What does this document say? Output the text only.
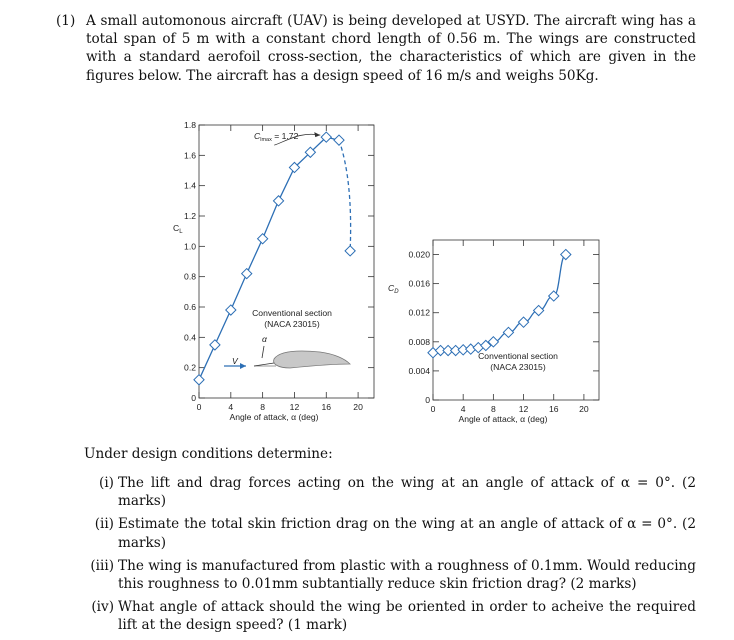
(1) A small automonous aircraft (UAV) is being developed at USYD. The aircraft wing has a total span of 5 m with a constant chord length of 0.56 m. The wings are constructed with a standard aerofoil cross-section, the characteristics of which are given in the figures below. The aircraft has a design speed of 16 m/s and weighs 50Kg.
0	4	8	12	16	20
0
0.2
0.4
0.6
0.8
1.0
1.2
1.4
1.6
1.8
$C_L$
Angle of attack, α (deg)
$C_{lmax} = 1.72$
Conventional section
(NACA 23015)
α
V
0	4	8	12 16 20
0
0.004
0.008
0.012
0.016
0.020
$C_D$
Angle of attack, α (deg)
Conventional section
(NACA 23015)
Under design conditions determine:
(i) The lift and drag forces acting on the wing at an angle of attack of α = 0°. (2 marks)
(ii) Estimate the total skin friction drag on the wing at an angle of attack of α = 0°. (2 marks)
(iii) The wing is manufactured from plastic with a roughness of 0.1mm. Would reducing this roughness to 0.01mm subtantially reduce skin friction drag? (2 marks)
(iv) What angle of attack should the wing be oriented in order to acheive the required lift at the design speed? (1 mark)
